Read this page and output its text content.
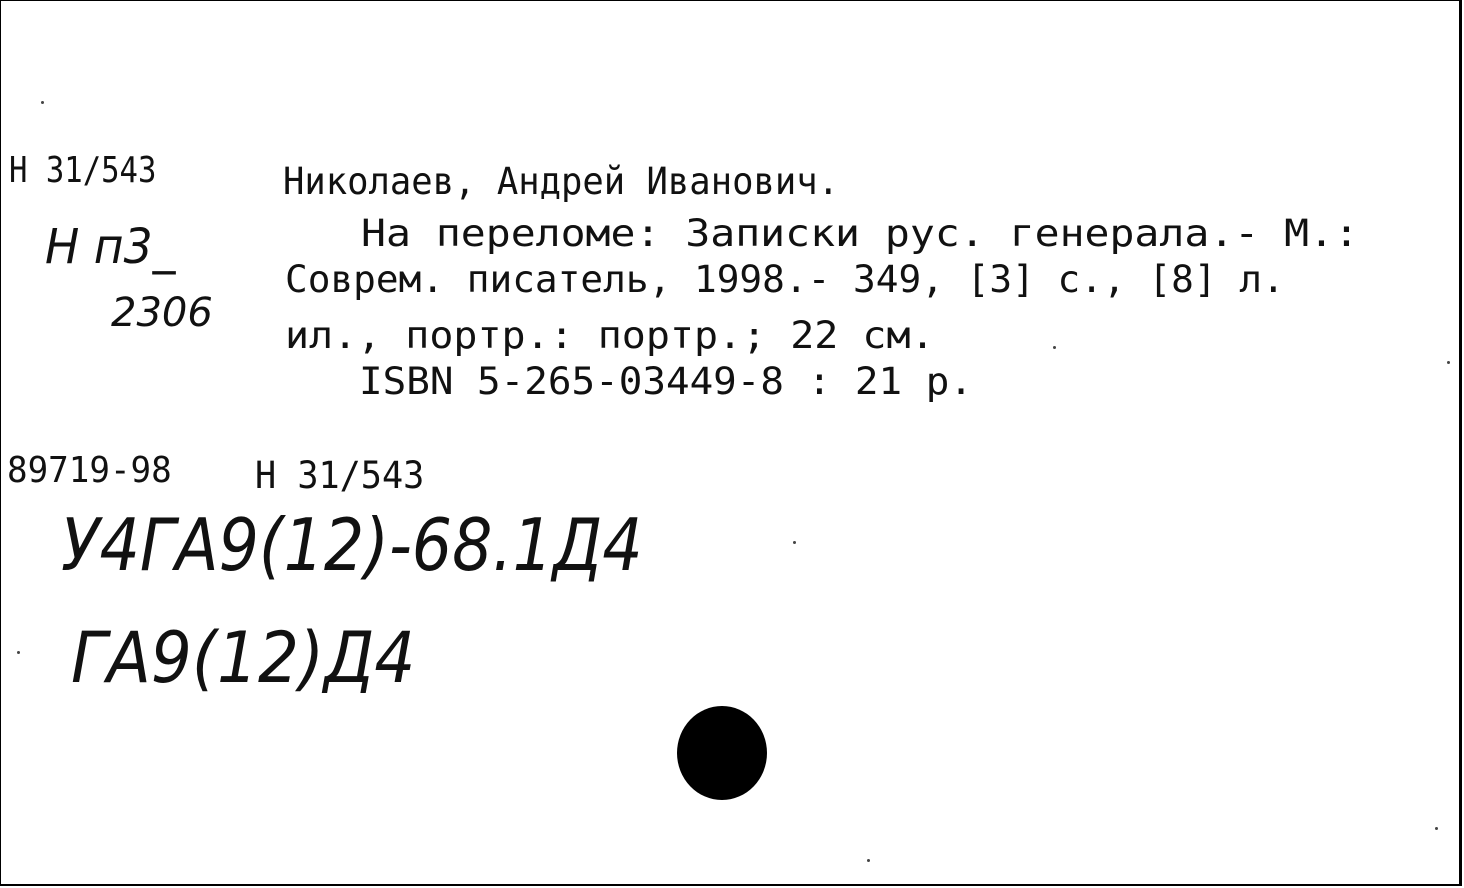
Н 31/543
Н п3_
2306
Николаев, Андрей Иванович.
На переломе: Записки рус. генерала.- М.:
Соврем. писатель, 1998.- 349, [3] с., [8] л.
ил., портр.: портр.; 22 см.
ISBN 5-265-03449-8 : 21 р.
89719-98 Н 31/543
У4ГА9(12)-68.1Д4
ГА9(12)Д4
